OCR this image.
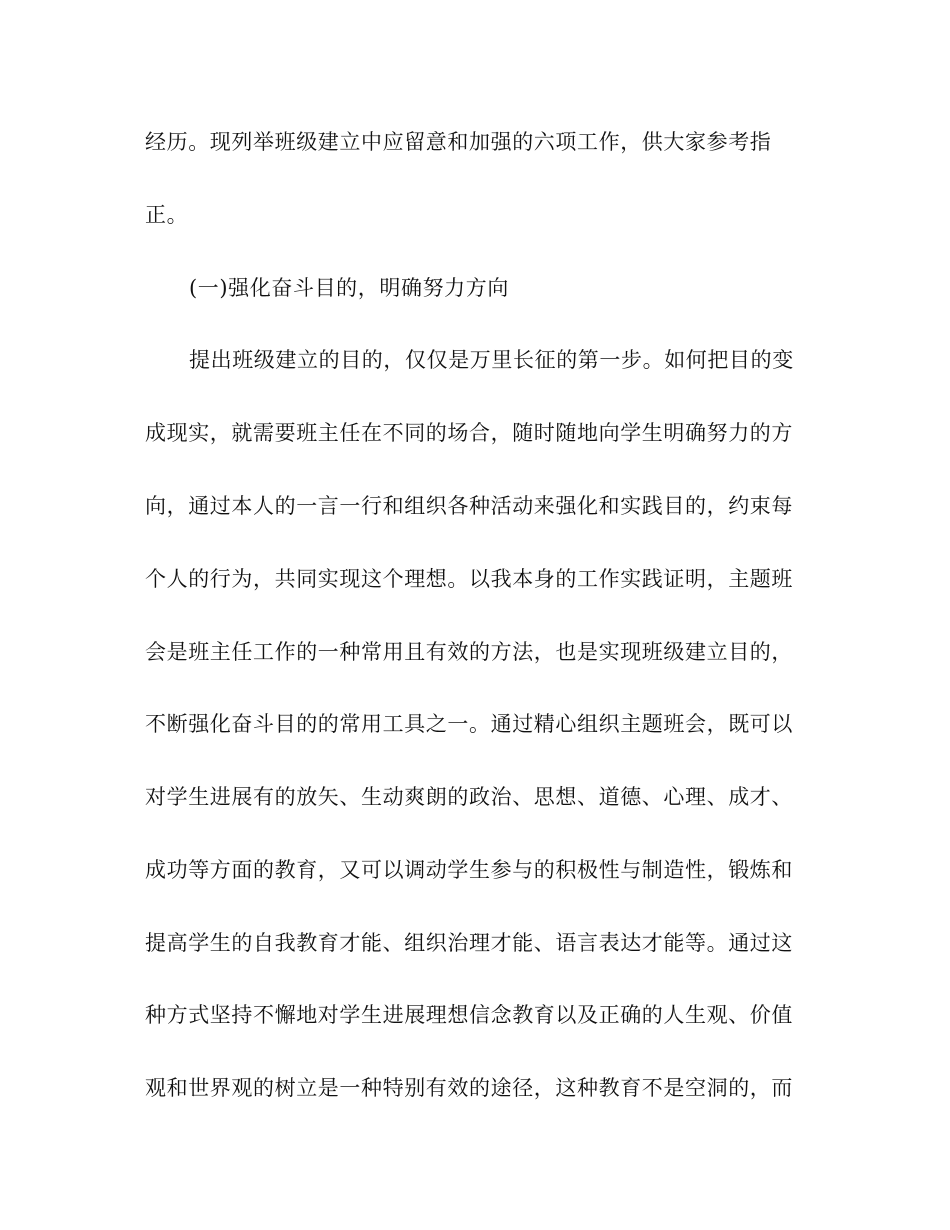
经历。现列举班级建立中应留意和加强的六项工作，供大家参考指
正。
(一)强化奋斗目的，明确努力方向
提出班级建立的目的，仅仅是万里长征的第一步。如何把目的变
成现实，就需要班主任在不同的场合，随时随地向学生明确努力的方
向，通过本人的一言一行和组织各种活动来强化和实践目的，约束每
个人的行为，共同实现这个理想。以我本身的工作实践证明，主题班
会是班主任工作的一种常用且有效的方法，也是实现班级建立目的，
不断强化奋斗目的的常用工具之一。通过精心组织主题班会，既可以
对学生进展有的放矢、生动爽朗的政治、思想、道德、心理、成才、
成功等方面的教育，又可以调动学生参与的积极性与制造性，锻炼和
提高学生的自我教育才能、组织治理才能、语言表达才能等。通过这
种方式坚持不懈地对学生进展理想信念教育以及正确的人生观、价值
观和世界观的树立是一种特别有效的途径，这种教育不是空洞的，而
